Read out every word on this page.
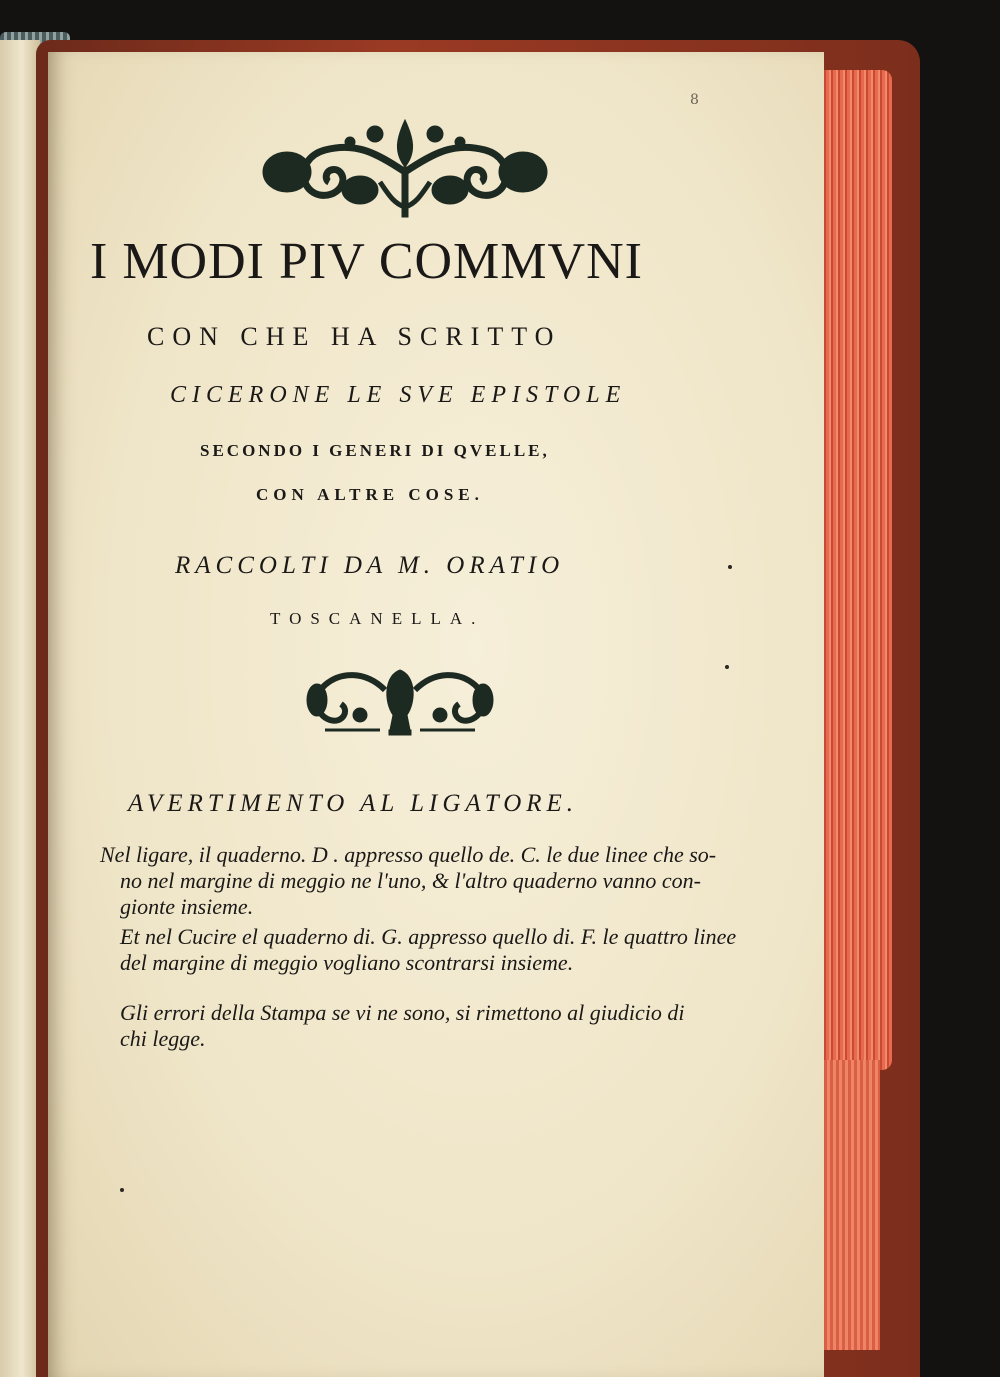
8
I MODI PIV COMMVNI
CON CHE HA SCRITTO
CICERONE LE SVE EPISTOLE
SECONDO I GENERI DI QVELLE,
CON ALTRE COSE.
RACCOLTI DA M. ORATIO
TOSCANELLA.
AVERTIMENTO AL LIGATORE.
Nel ligare, il quaderno. D . appresso quello de. C. le due linee che so-
no nel margine di meggio ne l'uno, & l'altro quaderno vanno con-
gionte insieme.
Et nel Cucire el quaderno di. G. appresso quello di. F. le quattro linee
del margine di meggio vogliano scontrarsi insieme.
Gli errori della Stampa se vi ne sono, si rimettono al giudicio di
chi legge.
